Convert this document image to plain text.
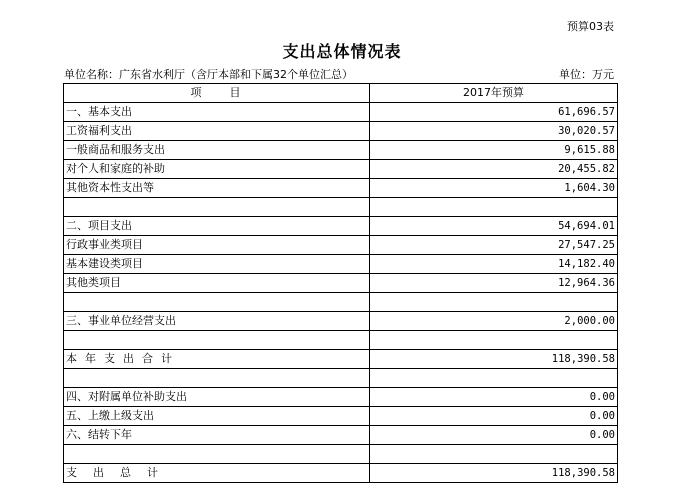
预算03表
支出总体情况表
单位名称：广东省水利厅（含厅本部和下属32个单位汇总）	单位：万元
项　　目	2017年预算
一、基本支出	61,696.57
工资福利支出	30,020.57
一般商品和服务支出	9,615.88
对个人和家庭的补助	20,455.82
其他资本性支出等	1,604.30

二、项目支出	54,694.01
行政事业类项目	27,547.25
基本建设类项目	14,182.40
其他类项目	12,964.36

三、事业单位经营支出	2,000.00

本年支出合计	118,390.58

四、对附属单位补助支出	0.00
五、上缴上级支出	0.00
六、结转下年	0.00

支出总计	118,390.58
